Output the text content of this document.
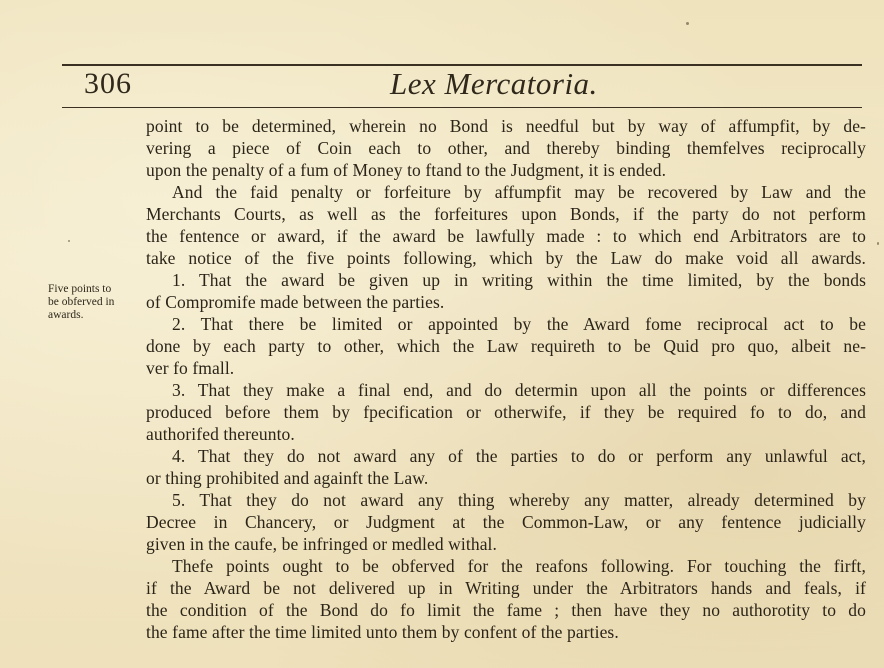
306	Lex Mercatoria.
Five points to
be obferved in
awards.
point to be determined, wherein no Bond is needful but by way of affumpfit, by de-
vering a piece of Coin each to other, and thereby binding themfelves reciprocally
upon the penalty of a fum of Money to ftand to the Judgment, it is ended.
And the faid penalty or forfeiture by affumpfit may be recovered by Law and the
Merchants Courts, as well as the forfeitures upon Bonds, if the party do not perform
the fentence or award, if the award be lawfully made : to which end Arbitrators are to
take notice of the five points following, which by the Law do make void all awards.
1. That the award be given up in writing within the time limited, by the bonds
of Compromife made between the parties.
2. That there be limited or appointed by the Award fome reciprocal act to be
done by each party to other, which the Law requireth to be Quid pro quo, albeit ne-
ver fo fmall.
3. That they make a final end, and do determin upon all the points or differences
produced before them by fpecification or otherwife, if they be required fo to do, and
authorifed thereunto.
4. That they do not award any of the parties to do or perform any unlawful act,
or thing prohibited and againft the Law.
5. That they do not award any thing whereby any matter, already determined by
Decree in Chancery, or Judgment at the Common-Law, or any fentence judicially
given in the caufe, be infringed or medled withal.
Thefe points ought to be obferved for the reafons following. For touching the firft,
if the Award be not delivered up in Writing under the Arbitrators hands and feals, if
the condition of the Bond do fo limit the fame ; then have they no authorotity to do
the fame after the time limited unto them by confent of the parties.
